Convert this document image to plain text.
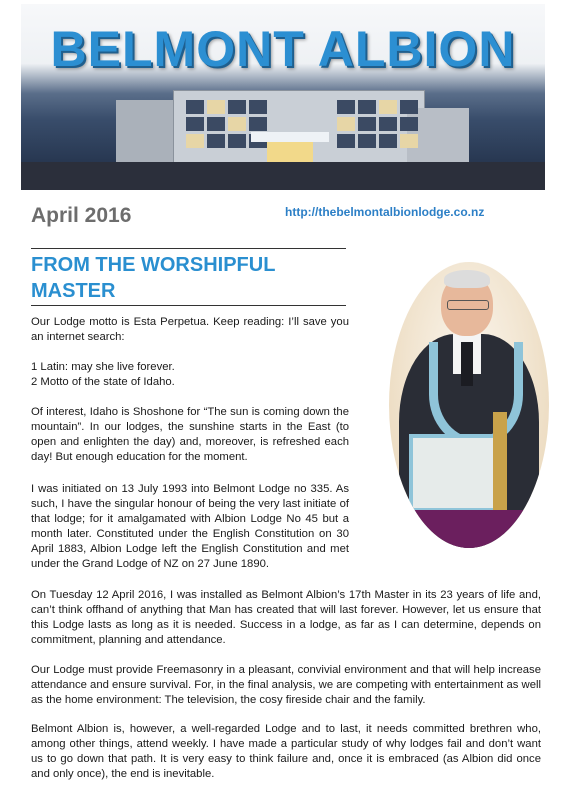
BELMONT ALBION
April 2016	http://thebelmontalbionlodge.co.nz
FROM THE WORSHIPFUL MASTER

Our Lodge motto is Esta Perpetua. Keep reading: I’ll save you an internet search:

1 Latin: may she live forever.

2 Motto of the state of Idaho.

Of interest, Idaho is Shoshone for “The sun is coming down the mountain”. In our lodges, the sunshine starts in the East (to open and enlighten the day) and, moreover, is refreshed each day! But enough education for the moment.

I was initiated on 13 July 1993 into Belmont Lodge no 335. As such, I have the singular honour of being the very last initiate of that lodge; for it amalgamated with Albion Lodge No 45 but a month later. Constituted under the English Constitution on 30 April 1883, Albion Lodge left the English Constitution and met under the Grand Lodge of NZ on 27 June 1890.

On Tuesday 12 April 2016, I was installed as Belmont Albion’s 17th Master in its 23 years of life and, can’t think offhand of anything that Man has created that will last forever. However, let us ensure that this Lodge lasts as long as it is needed. Success in a lodge, as far as I can determine, depends on commitment, planning and attendance.

Our Lodge must provide Freemasonry in a pleasant, convivial environment and that will help increase attendance and ensure survival. For, in the final analysis, we are competing with entertainment as well as the home environment: The television, the cosy fireside chair and the family.

Belmont Albion is, however, a well-regarded Lodge and to last, it needs committed brethren who, among other things, attend weekly. I have made a particular study of why lodges fail and don’t want us to go down that path. It is very easy to think failure and, once it is embraced (as Albion did once and only once), the end is inevitable.
